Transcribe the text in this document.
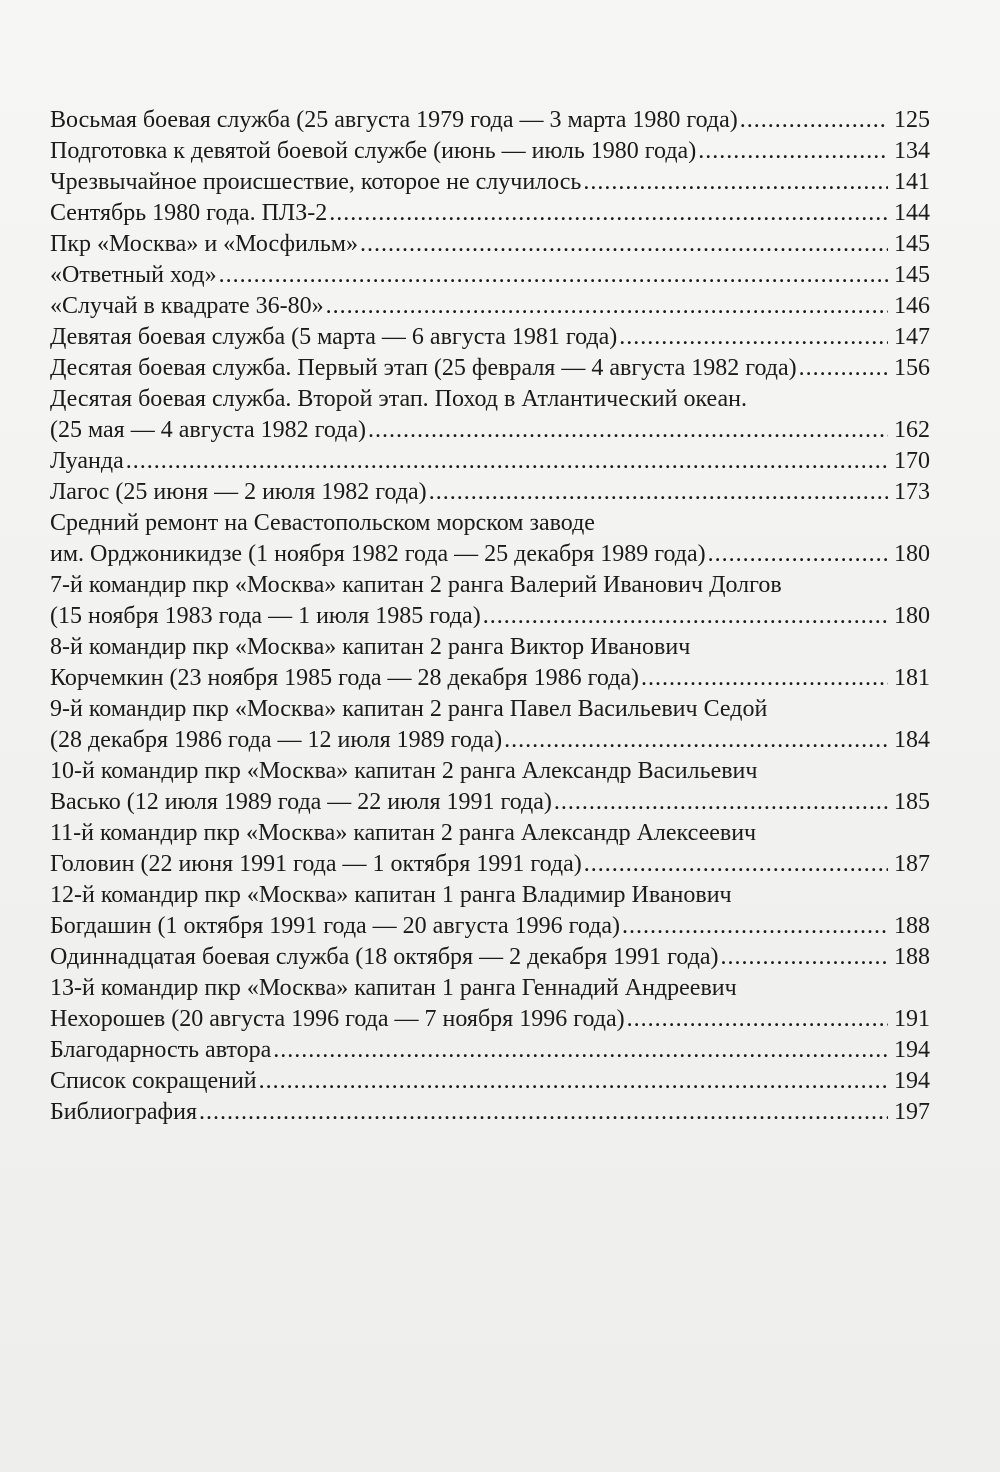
Восьмая боевая служба (25 августа 1979 года — 3 марта 1980 года) .....	125
Подготовка к девятой боевой службе (июнь — июль 1980 года) .....	134
Чрезвычайное происшествие, которое не случилось .....	141
Сентябрь 1980 года. ПЛЗ-2 .....	144
Пкр «Москва» и «Мосфильм» .....	145
«Ответный ход» .....	145
«Случай в квадрате 36-80» .....	146
Девятая боевая служба (5 марта — 6 августа 1981 года) .....	147
Десятая боевая служба. Первый этап (25 февраля — 4 августа 1982 года) .....	156
Десятая боевая служба. Второй этап. Поход в Атлантический океан.
(25 мая — 4 августа 1982 года) .....	162
Луанда .....	170
Лагос (25 июня — 2 июля 1982 года) .....	173
Средний ремонт на Севастопольском морском заводе
им. Орджоникидзе (1 ноября 1982 года — 25 декабря 1989 года) .....	180
7-й командир пкр «Москва» капитан 2 ранга Валерий Иванович Долгов
(15 ноября 1983 года — 1 июля 1985 года) .....	180
8-й командир пкр «Москва» капитан 2 ранга Виктор Иванович
Корчемкин (23 ноября 1985 года — 28 декабря 1986 года) .....	181
9-й командир пкр «Москва» капитан 2 ранга Павел Васильевич Седой
(28 декабря 1986 года — 12 июля 1989 года) .....	184
10-й командир пкр «Москва» капитан 2 ранга Александр Васильевич
Васько (12 июля 1989 года — 22 июля 1991 года) .....	185
11-й командир пкр «Москва» капитан 2 ранга Александр Алексеевич
Головин (22 июня 1991 года — 1 октября 1991 года) .....	187
12-й командир пкр «Москва» капитан 1 ранга Владимир Иванович
Богдашин (1 октября 1991 года — 20 августа 1996 года) .....	188
Одиннадцатая боевая служба (18 октября — 2 декабря 1991 года) .....	188
13-й командир пкр «Москва» капитан 1 ранга Геннадий Андреевич
Нехорошев (20 августа 1996 года — 7 ноября 1996 года) .....	191
Благодарность автора .....	194
Список сокращений .....	194
Библиография .....	197
